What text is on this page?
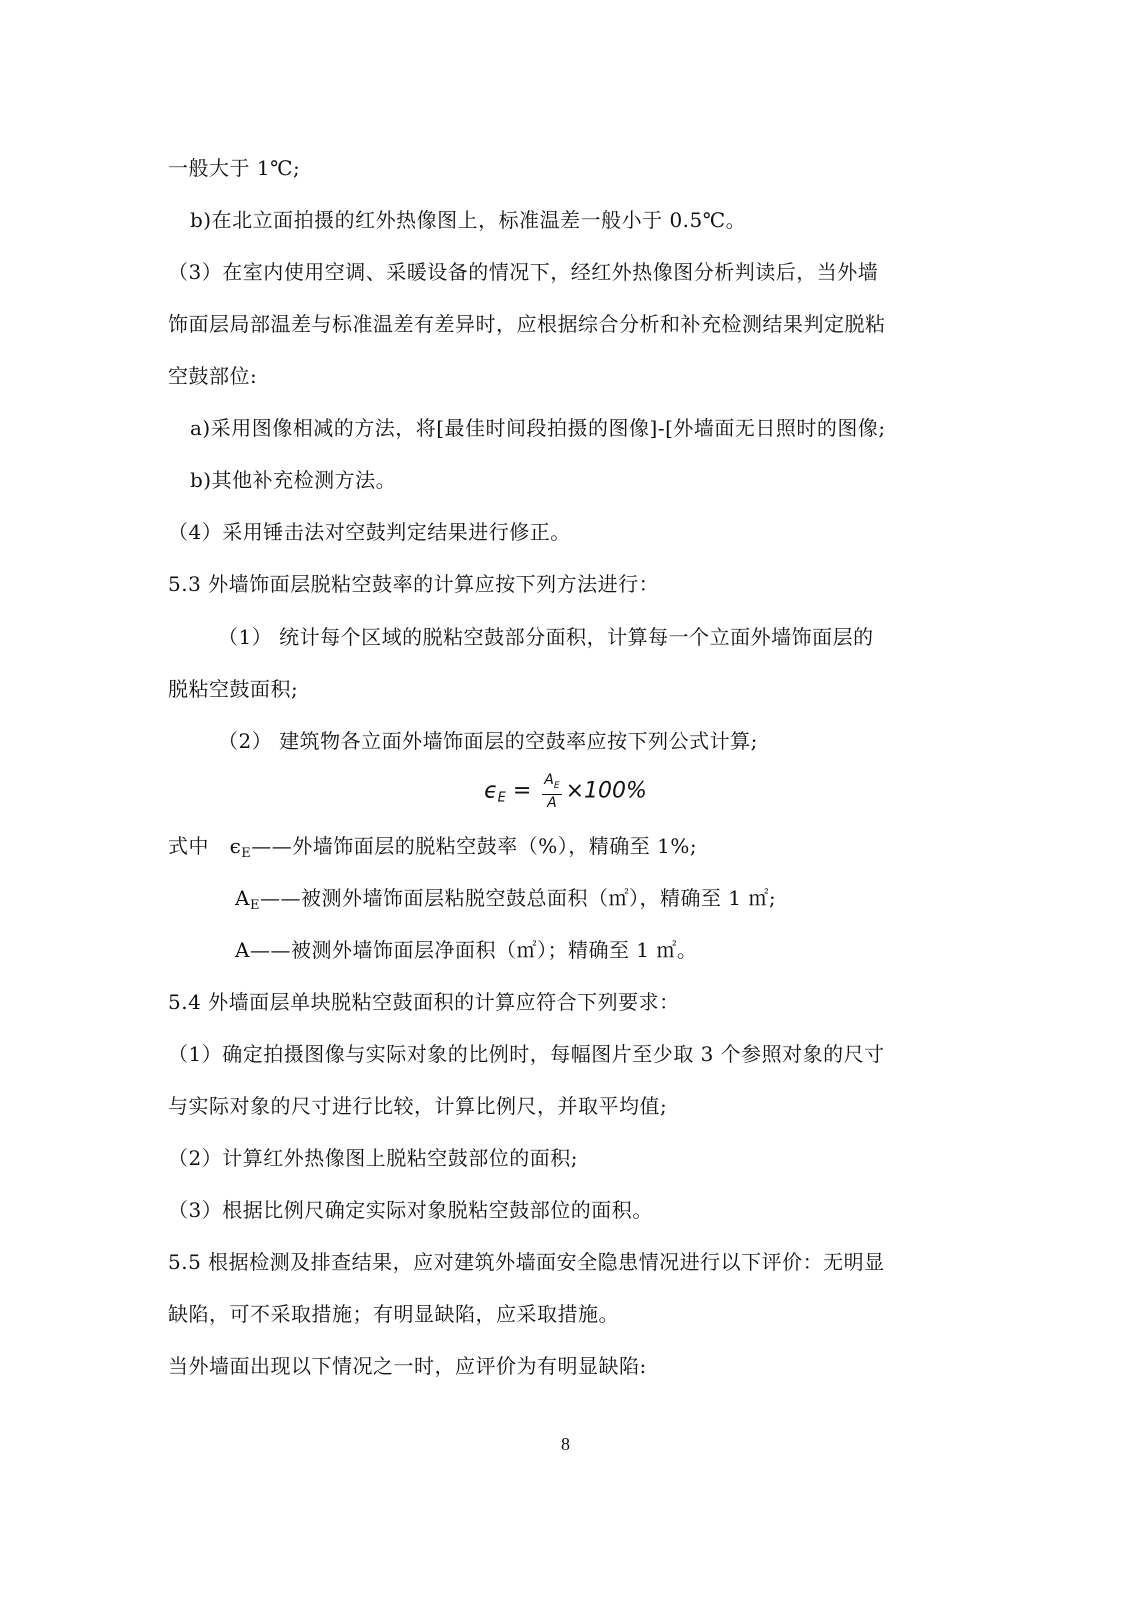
一般大于 1℃;
b)在北立面拍摄的红外热像图上，标准温差一般小于 0.5℃。
（3）在室内使用空调、采暖设备的情况下，经红外热像图分析判读后，当外墙
饰面层局部温差与标准温差有差异时，应根据综合分析和补充检测结果判定脱粘
空鼓部位:
a)采用图像相减的方法，将[最佳时间段拍摄的图像]-[外墙面无日照时的图像;
b)其他补充检测方法。
（4）采用锤击法对空鼓判定结果进行修正。
5.3 外墙饰面层脱粘空鼓率的计算应按下列方法进行：
（1） 统计每个区域的脱粘空鼓部分面积，计算每一个立面外墙饰面层的
脱粘空鼓面积;
（2） 建筑物各立面外墙饰面层的空鼓率应按下列公式计算;
$\epsilon_E = \frac{A_E}{A} \times 100\%$
式中 $\epsilon_E——$外墙饰面层的脱粘空鼓率（%），精确至 1%;
$A_E——$被测外墙饰面层粘脱空鼓总面积（㎡），精确至 1 ㎡;
A——被测外墙饰面层净面积（㎡）；精确至 1 ㎡。
5.4 外墙面层单块脱粘空鼓面积的计算应符合下列要求：
（1）确定拍摄图像与实际对象的比例时，每幅图片至少取 3 个参照对象的尺寸
与实际对象的尺寸进行比较，计算比例尺，并取平均值;
（2）计算红外热像图上脱粘空鼓部位的面积;
（3）根据比例尺确定实际对象脱粘空鼓部位的面积。
5.5 根据检测及排查结果，应对建筑外墙面安全隐患情况进行以下评价：无明显
缺陷，可不采取措施；有明显缺陷，应采取措施。
当外墙面出现以下情况之一时，应评价为有明显缺陷:
8
